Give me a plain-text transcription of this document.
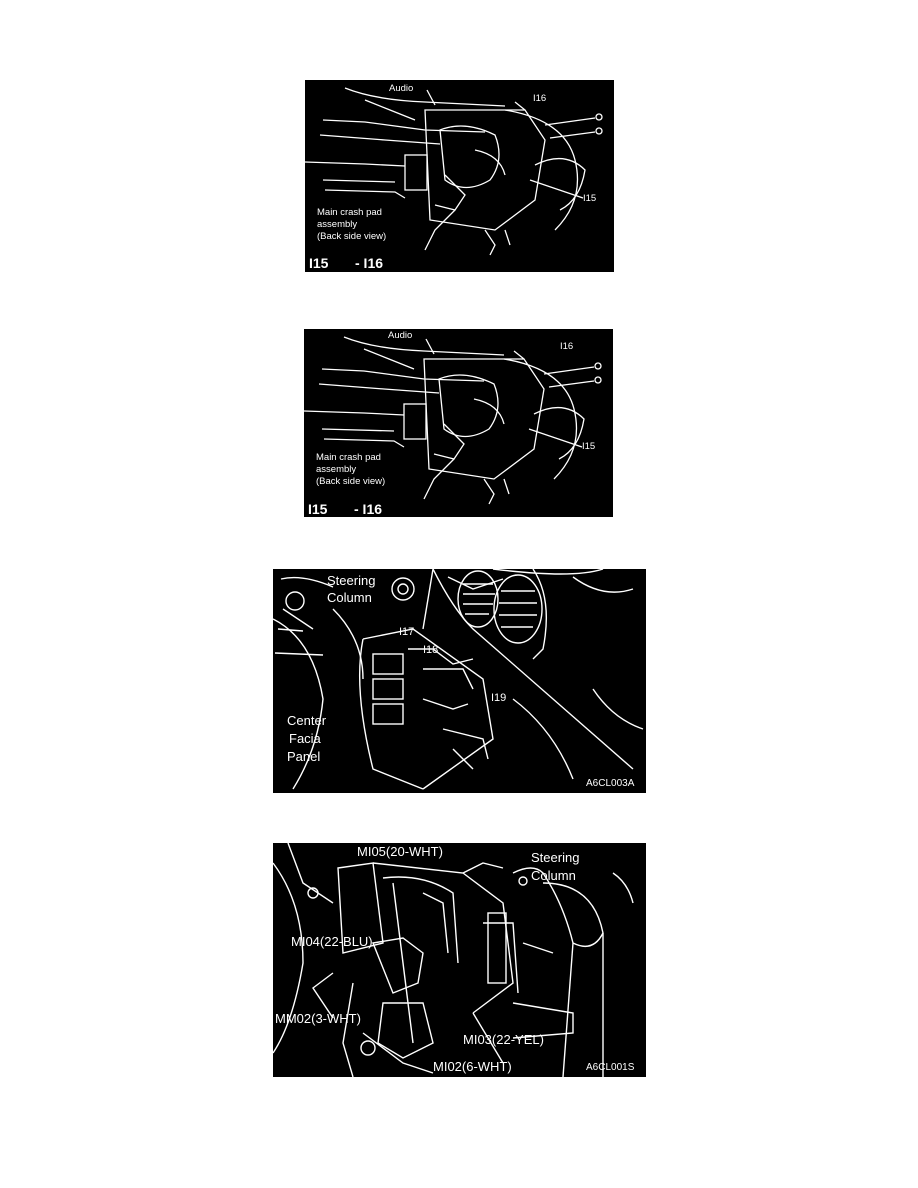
Audio
I16
I15
Main crash pad
assembly
(Back side view)
I15 - I16
Audio
I16
I15
Main crash pad
assembly
(Back side view)
I15 - I16
Steering
Column
I17
I18
I19
Center
Facia
Panel
A6CL003A
MI05(20-WHT)	Steering
Column
MI04(22-BLU)
MM02(3-WHT)
MI03(22-YEL)
MI02(6-WHT)	A6CL001S
